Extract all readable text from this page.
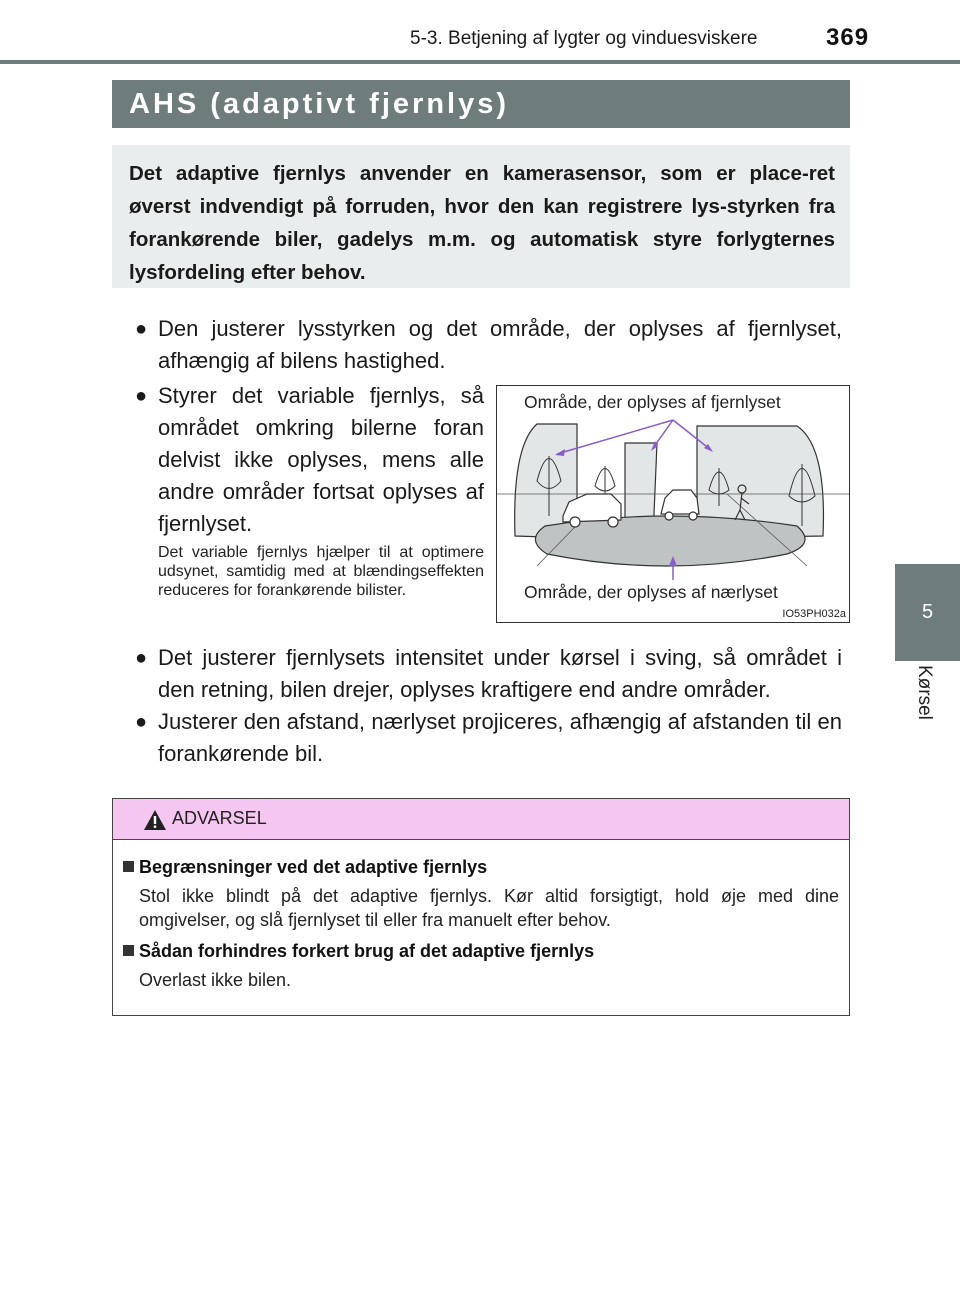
5-3. Betjening af lygter og vinduesviskere	369
5
Kørsel
AHS (adaptivt fjernlys)

Det adaptive fjernlys anvender en kamerasensor, som er place-ret øverst indvendigt på forruden, hvor den kan registrere lys-styrken fra forankørende biler, gadelys m.m. og automatisk styre forlygternes lysfordeling efter behov.

● Den justerer lysstyrken og det område, der oplyses af fjernlyset, afhængig af bilens hastighed.
● Styrer det variable fjernlys, så området omkring bilerne foran delvist ikke oplyses, mens alle andre områder fortsat oplyses af fjernlyset.
Det variable fjernlys hjælper til at optimere udsynet, samtidig med at blændingseffekten reduceres for forankørende bilister.
● Det justerer fjernlysets intensitet under kørsel i sving, så området i den retning, bilen drejer, oplyses kraftigere end andre områder.
● Justerer den afstand, nærlyset projiceres, afhængig af afstanden til en forankørende bil.
Område, der oplyses af fjernlyset
Område, der oplyses af nærlyset
IO53PH032a
ADVARSEL
Begrænsninger ved det adaptive fjernlys
Stol ikke blindt på det adaptive fjernlys. Kør altid forsigtigt, hold øje med dine omgivelser, og slå fjernlyset til eller fra manuelt efter behov.
Sådan forhindres forkert brug af det adaptive fjernlys
Overlast ikke bilen.
